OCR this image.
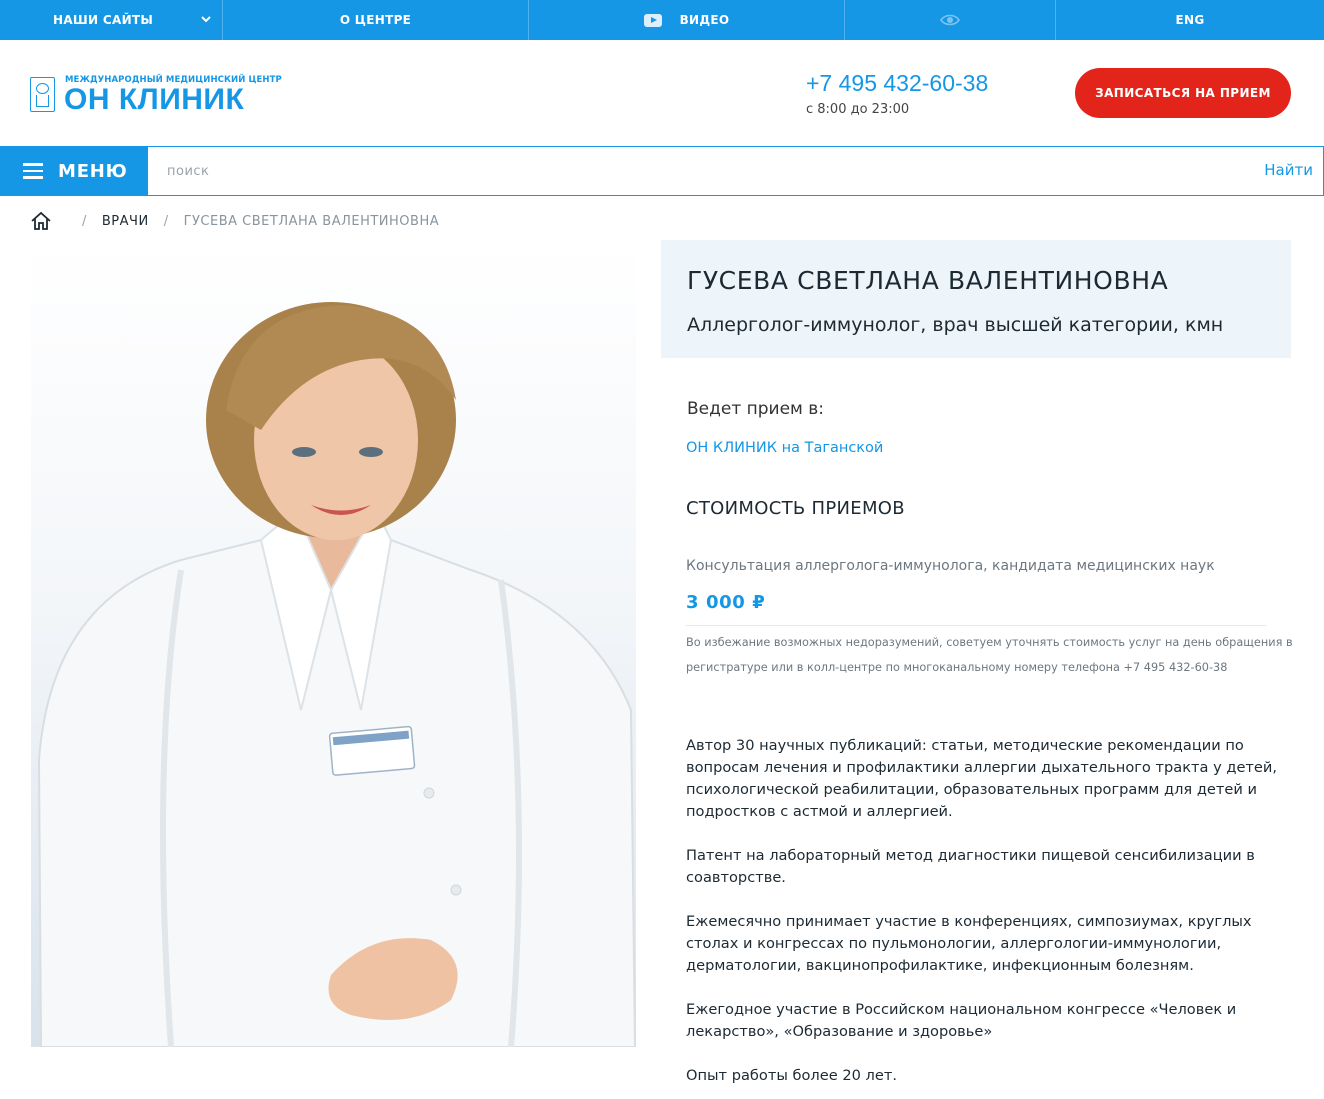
НАШИ САЙТЫ	О ЦЕНТРЕ	ВИДЕО	ENG
МЕЖДУНАРОДНЫЙ МЕДИЦИНСКИЙ ЦЕНТР
ОН КЛИНИК	+7 495 432-60-38
с 8:00 до 23:00
ЗАПИСАТЬСЯ НА ПРИЕМ
МЕНЮ
поиск	Найти
/ ВРАЧИ / ГУСЕВА СВЕТЛАНА ВАЛЕНТИНОВНА
ГУСЕВА СВЕТЛАНА ВАЛЕНТИНОВНА
Аллерголог-иммунолог, врач высшей категории, кмн
Ведет прием в:
ОН КЛИНИК на Таганской
СТОИМОСТЬ ПРИЕМОВ
Консультация аллерголога-иммунолога, кандидата медицинских наук
3 000 ₽
Во избежание возможных недоразумений, советуем уточнять стоимость услуг на день обращения в регистратуре или в колл-центре по многоканальному номеру телефона +7 495 432-60-38
Автор 30 научных публикаций: статьи, методические рекомендации по вопросам лечения и профилактики аллергии дыхательного тракта у детей, психологической реабилитации, образовательных программ для детей и подростков с астмой и аллергией.
Патент на лабораторный метод диагностики пищевой сенсибилизации в соавторстве.
Ежемесячно принимает участие в конференциях, симпозиумах, круглых столах и конгрессах по пульмонологии, аллергологии-иммунологии, дерматологии, вакцинопрофилактике, инфекционным болезням.
Ежегодное участие в Российском национальном конгрессе «Человек и лекарство», «Образование и здоровье»
Опыт работы более 20 лет.
